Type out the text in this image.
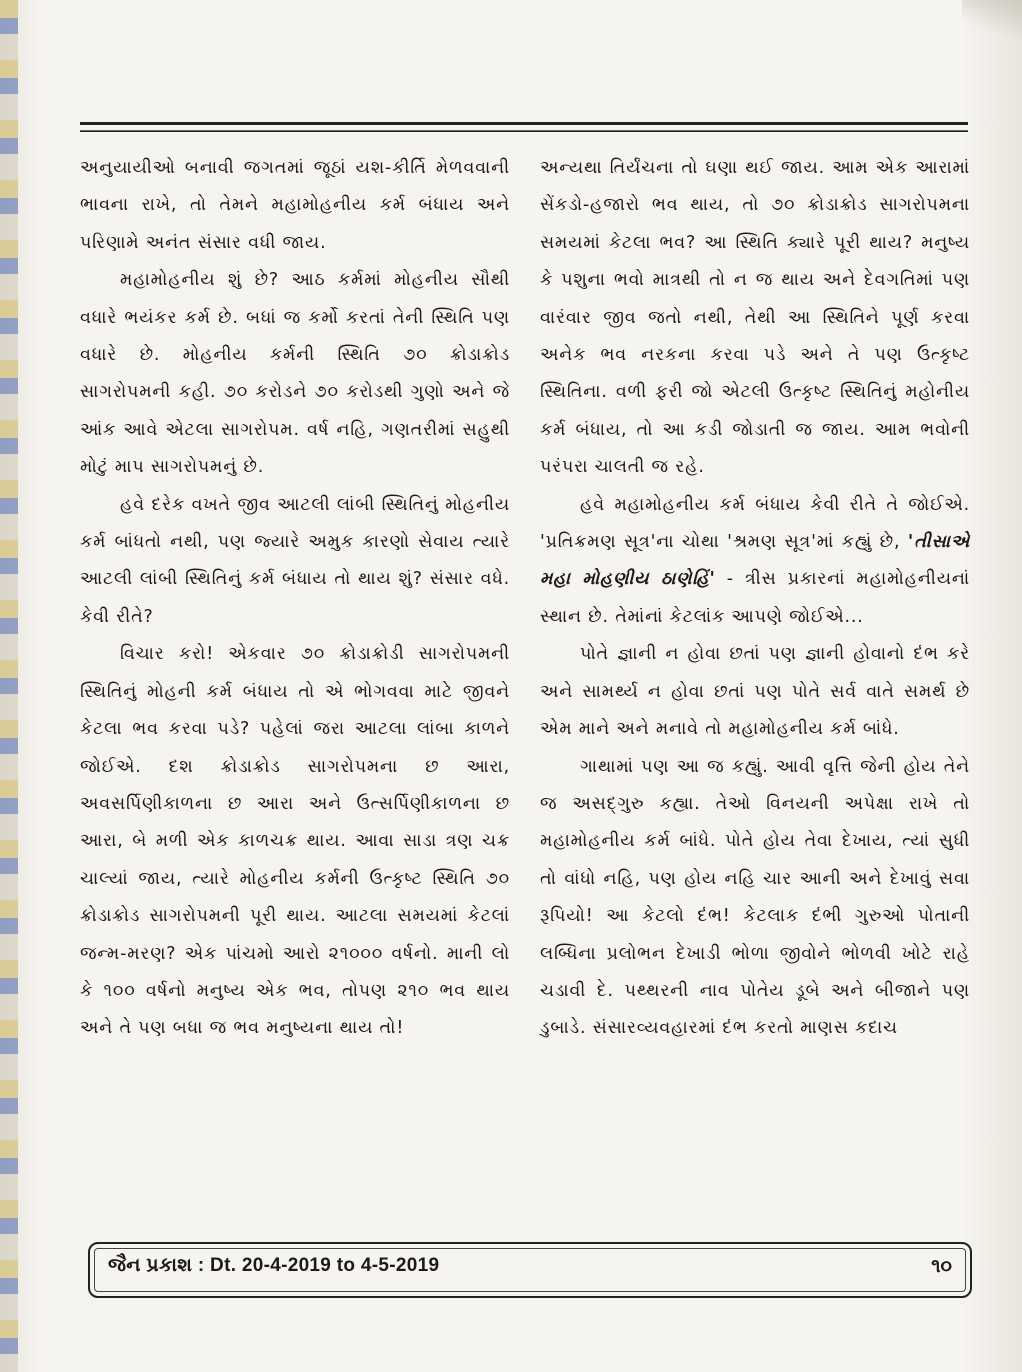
અનુયાયીઓ બનાવી જગતમાં જૂઠાં યશ-કીર્તિ મેળવવાની ભાવના રાખે, તો તેમને મહામોહનીય કર્મ બંધાય અને પરિણામે અનંત સંસાર વધી જાય.

મહામોહનીય શું છે? આઠ કર્મમાં મોહનીય સૌથી વધારે ભયંકર કર્મ છે. બધાં જ કર્મો કરતાં તેની સ્થિતિ પણ વધારે છે. મોહનીય કર્મની સ્થિતિ ૭૦ ક્રોડાક્રોડ સાગરોપમની કહી. ૭૦ કરોડને ૭૦ કરોડથી ગુણો અને જે આંક આવે એટલા સાગરોપમ. વર્ષ નહિ, ગણતરીમાં સહુથી મોટું માપ સાગરોપમનું છે.

હવે દરેક વખતે જીવ આટલી લાંબી સ્થિતિનું મોહનીય કર્મ બાંધતો નથી, પણ જ્યારે અમુક કારણો સેવાય ત્યારે આટલી લાંબી સ્થિતિનું કર્મ બંધાય તો થાય શું? સંસાર વધે. કેવી રીતે?

વિચાર કરો! એકવાર ૭૦ ક્રોડાક્રોડી સાગરોપમની સ્થિતિનું મોહની કર્મ બંધાય તો એ ભોગવવા માટે જીવને કેટલા ભવ કરવા પડે? પહેલાં જરા આટલા લાંબા કાળને જોઈએ. દશ ક્રોડાક્રોડ સાગરોપમના છ આરા, અવસર્પિણીકાળના છ આરા અને ઉત્સર્પિણીકાળના છ આરા, બે મળી એક કાળચક્ર થાય. આવા સાડા ત્રણ ચક્ર ચાલ્યાં જાય, ત્યારે મોહનીય કર્મની ઉત્કૃષ્ટ સ્થિતિ ૭૦ ક્રોડાક્રોડ સાગરોપમની પૂરી થાય. આટલા સમયમાં કેટલાં જન્મ-મરણ? એક પાંચમો આરો ૨૧૦૦૦ વર્ષનો. માની લો કે ૧૦૦ વર્ષનો મનુષ્ય એક ભવ, તોપણ ૨૧૦ ભવ થાય અને તે પણ બધા જ ભવ મનુષ્યના થાય તો!

અન્યથા તિર્યંચના તો ઘણા થઈ જાય. આમ એક આરામાં સેંકડો-હજારો ભવ થાય, તો ૭૦ ક્રોડાક્રોડ સાગરોપમના સમયમાં કેટલા ભવ? આ સ્થિતિ ક્યારે પૂરી થાય? મનુષ્ય કે પશુના ભવો માત્રથી તો ન જ થાય અને દેવગતિમાં પણ વારંવાર જીવ જતો નથી, તેથી આ સ્થિતિને પૂર્ણ કરવા અનેક ભવ નરકના કરવા પડે અને તે પણ ઉત્કૃષ્ટ સ્થિતિના. વળી ફરી જો એટલી ઉત્કૃષ્ટ સ્થિતિનું મહોનીય કર્મ બંધાય, તો આ કડી જોડાતી જ જાય. આમ ભવોની પરંપરા ચાલતી જ રહે.

હવે મહામોહનીય કર્મ બંધાય કેવી રીતે તે જોઈએ. 'પ્રતિક્રમણ સૂત્ર'ના ચોથા 'શ્રમણ સૂત્ર'માં કહ્યું છે, 'તીસાએ મહા મોહણીય ઠાણેહિં' - ત્રીસ પ્રકારનાં મહામોહનીયનાં સ્થાન છે. તેમાંનાં કેટલાંક આપણે જોઈએ...

પોતે જ્ઞાની ન હોવા છતાં પણ જ્ઞાની હોવાનો દંભ કરે અને સામર્થ્ય ન હોવા છતાં પણ પોતે સર્વ વાતે સમર્થ છે એમ માને અને મનાવે તો મહામોહનીય કર્મ બાંધે.

ગાથામાં પણ આ જ કહ્યું. આવી વૃત્તિ જેની હોય તેને જ અસદ્ગુરુ કહ્યા. તેઓ વિનયની અપેક્ષા રાખે તો મહામોહનીય કર્મ બાંધે. પોતે હોય તેવા દેખાય, ત્યાં સુધી તો વાંધો નહિ, પણ હોય નહિ ચાર આની અને દેખાવું સવા રૂપિયો! આ કેટલો દંભ! કેટલાક દંભી ગુરુઓ પોતાની લબ્ધિના પ્રલોભન દેખાડી ભોળા જીવોને ભોળવી ખોટે રાહે ચડાવી દે. પથ્થરની નાવ પોતેય ડૂબે અને બીજાને પણ ડુબાડે. સંસારવ્યવહારમાં દંભ કરતો માણસ કદાચ

જૈન પ્રકાશ : Dt. 20-4-2019 to 4-5-2019	૧૦
